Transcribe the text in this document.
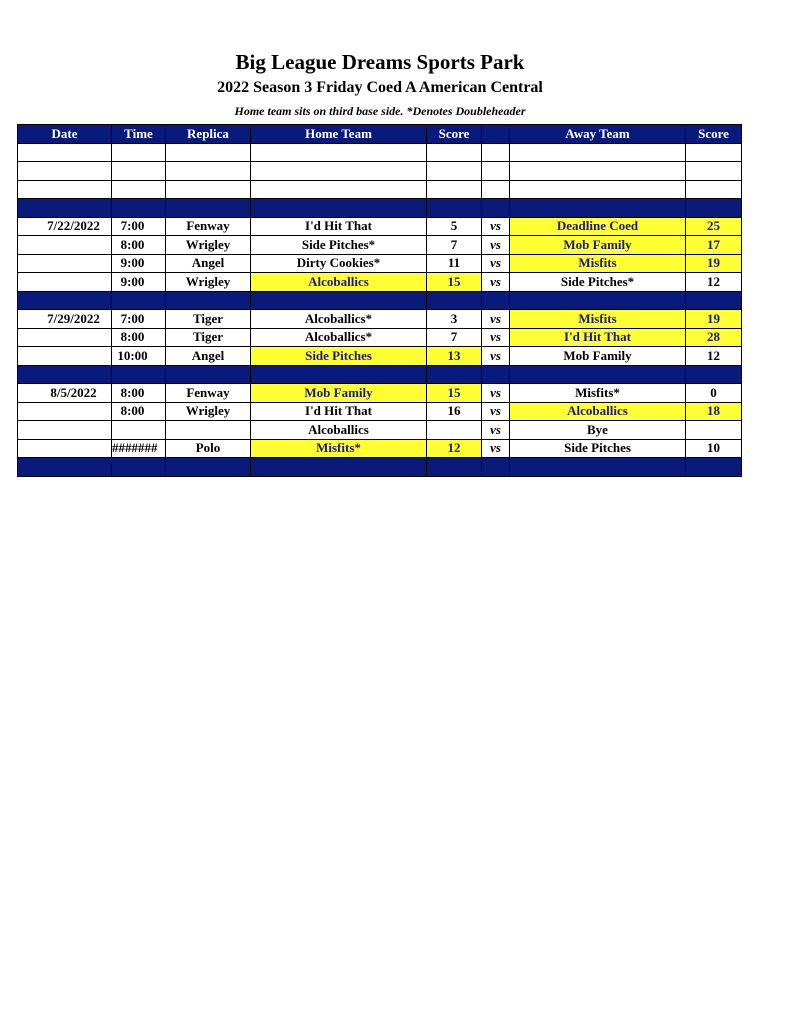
Big League Dreams Sports Park
2022 Season 3 Friday Coed A American Central
Home team sits on third base side. *Denotes Doubleheader
Date	Time	Replica	Home Team	Score		Away Team	Score

7/22/2022	7:00	Fenway	I'd Hit That	5	vs	Deadline Coed	25
	8:00	Wrigley	Side Pitches*	7	vs	Mob Family	17
	9:00	Angel	Dirty Cookies*	11	vs	Misfits	19
	9:00	Wrigley	Alcoballics	15	vs	Side Pitches*	12

7/29/2022	7:00	Tiger	Alcoballics*	3	vs	Misfits	19
	8:00	Tiger	Alcoballics*	7	vs	I'd Hit That	28
	10:00	Angel	Side Pitches	13	vs	Mob Family	12

8/5/2022	8:00	Fenway	Mob Family	15	vs	Misfits*	0
	8:00	Wrigley	I'd Hit That	16	vs	Alcoballics	18
			Alcoballics		vs	Bye	
	#######	Polo	Misfits*	12	vs	Side Pitches	10
